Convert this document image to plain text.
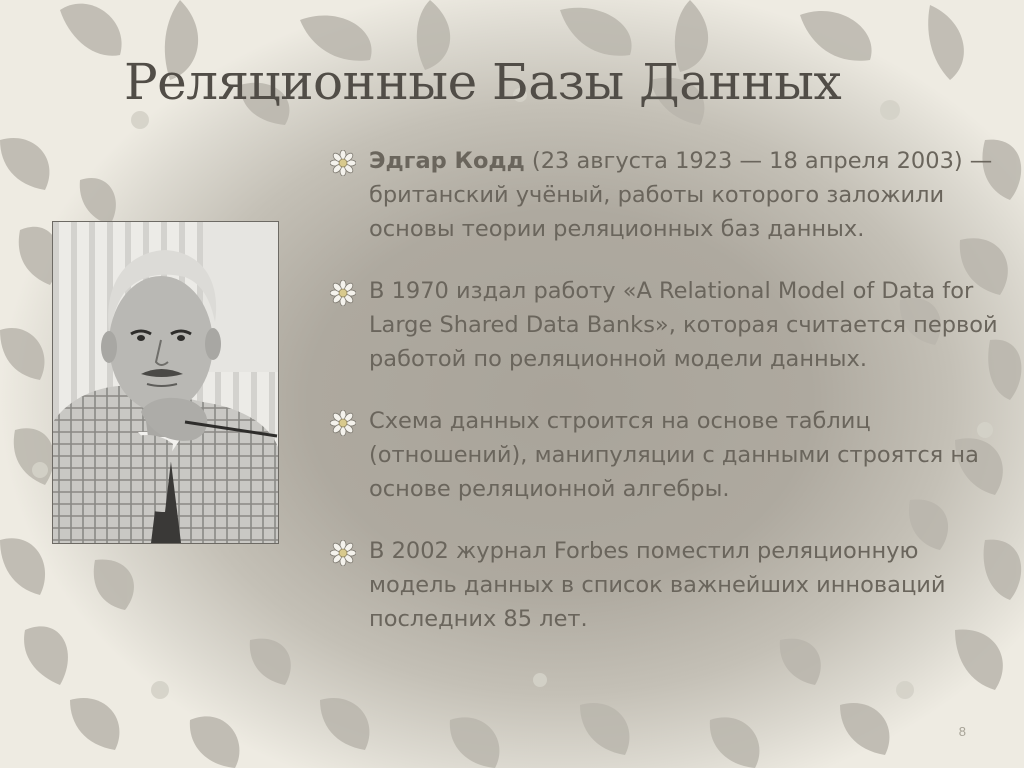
Реляционные Базы Данных
Эдгар Кодд (23 августа 1923 — 18 апреля 2003) — британский учёный, работы которого заложили основы теории реляционных баз данных.
В 1970 издал работу «A Relational Model of Data for Large Shared Data Banks», которая считается первой работой по реляционной модели данных.
Схема данных строится на основе таблиц (отношений), манипуляции с данными строятся на основе реляционной алгебры.
В 2002 журнал Forbes поместил реляционную модель данных в список важнейших инноваций последних 85 лет.
8
